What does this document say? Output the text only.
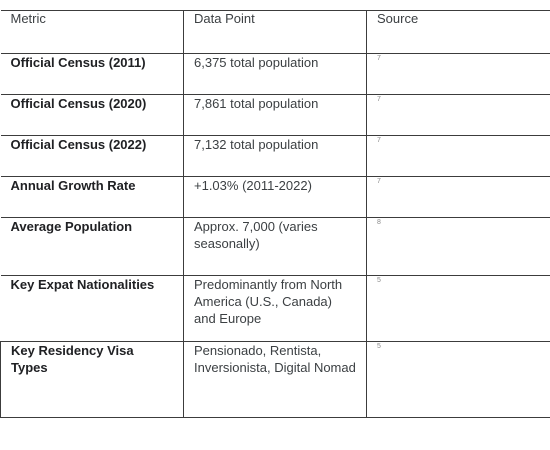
Metric	Data Point	Source
Official Census (2011)	6,375 total population	7
Official Census (2020)	7,861 total population	7
Official Census (2022)	7,132 total population	7
Annual Growth Rate	+1.03% (2011-2022)	7
Average Population	Approx. 7,000 (varies seasonally)	8
Key Expat Nationalities	Predominantly from North America (U.S., Canada) and Europe	5
Key Residency Visa Types	Pensionado, Rentista, Inversionista, Digital Nomad	5
